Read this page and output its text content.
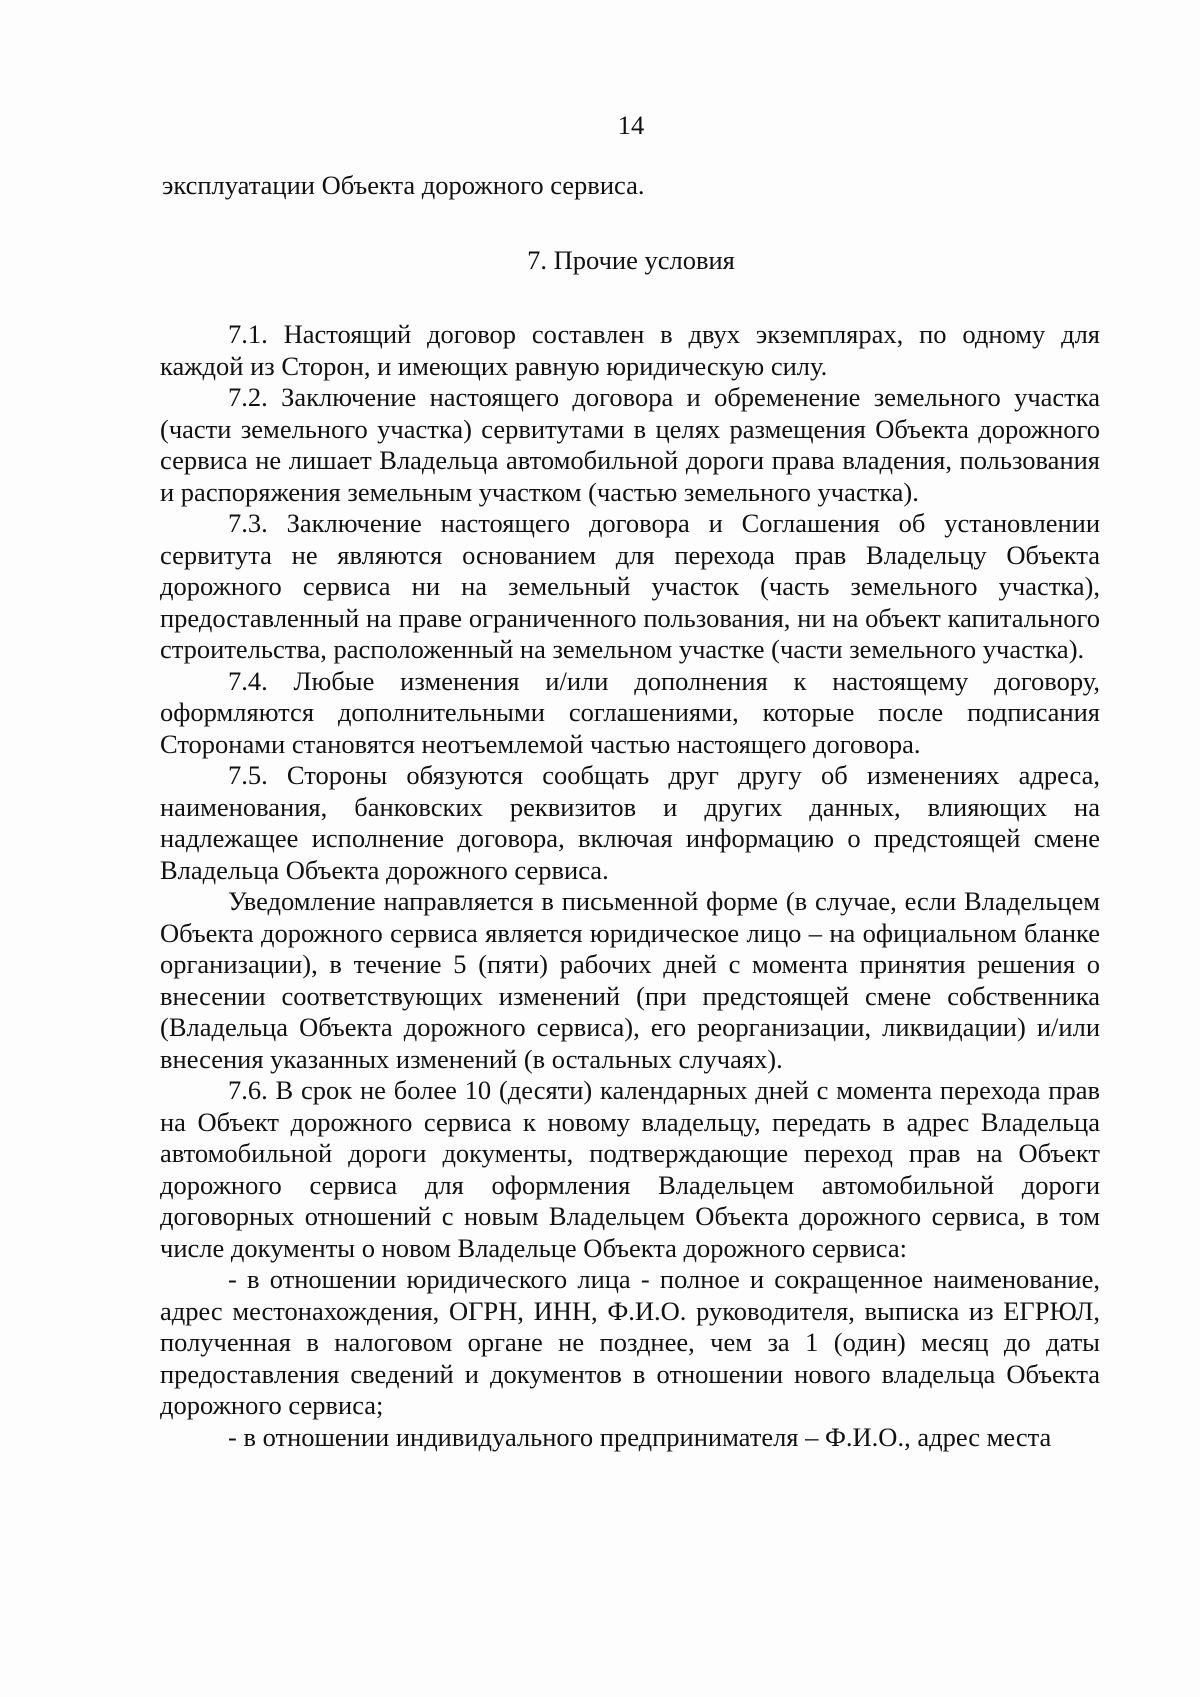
14

эксплуатации Объекта дорожного сервиса.

7. Прочие условия

7.1. Настоящий договор составлен в двух экземплярах, по одному для каждой из Сторон, и имеющих равную юридическую силу.

7.2. Заключение настоящего договора и обременение земельного участка (части земельного участка) сервитутами в целях размещения Объекта дорожного сервиса не лишает Владельца автомобильной дороги права владения, пользования и распоряжения земельным участком (частью земельного участка).

7.3. Заключение настоящего договора и Соглашения об установлении сервитута не являются основанием для перехода прав Владельцу Объекта дорожного сервиса ни на земельный участок (часть земельного участка), предоставленный на праве ограниченного пользования, ни на объект капитального строительства, расположенный на земельном участке (части земельного участка).

7.4. Любые изменения и/или дополнения к настоящему договору, оформляются дополнительными соглашениями, которые после подписания Сторонами становятся неотъемлемой частью настоящего договора.

7.5. Стороны обязуются сообщать друг другу об изменениях адреса, наименования, банковских реквизитов и других данных, влияющих на надлежащее исполнение договора, включая информацию о предстоящей смене Владельца Объекта дорожного сервиса.

Уведомление направляется в письменной форме (в случае, если Владельцем Объекта дорожного сервиса является юридическое лицо – на официальном бланке организации), в течение 5 (пяти) рабочих дней с момента принятия решения о внесении соответствующих изменений (при предстоящей смене собственника (Владельца Объекта дорожного сервиса), его реорганизации, ликвидации) и/или внесения указанных изменений (в остальных случаях).

7.6. В срок не более 10 (десяти) календарных дней с момента перехода прав на Объект дорожного сервиса к новому владельцу, передать в адрес Владельца автомобильной дороги документы, подтверждающие переход прав на Объект дорожного сервиса для оформления Владельцем автомобильной дороги договорных отношений с новым Владельцем Объекта дорожного сервиса, в том числе документы о новом Владельце Объекта дорожного сервиса:

- в отношении юридического лица - полное и сокращенное наименование, адрес местонахождения, ОГРН, ИНН, Ф.И.О. руководителя, выписка из ЕГРЮЛ, полученная в налоговом органе не позднее, чем за 1 (один) месяц до даты предоставления сведений и документов в отношении нового владельца Объекта дорожного сервиса;

- в отношении индивидуального предпринимателя – Ф.И.О., адрес места
